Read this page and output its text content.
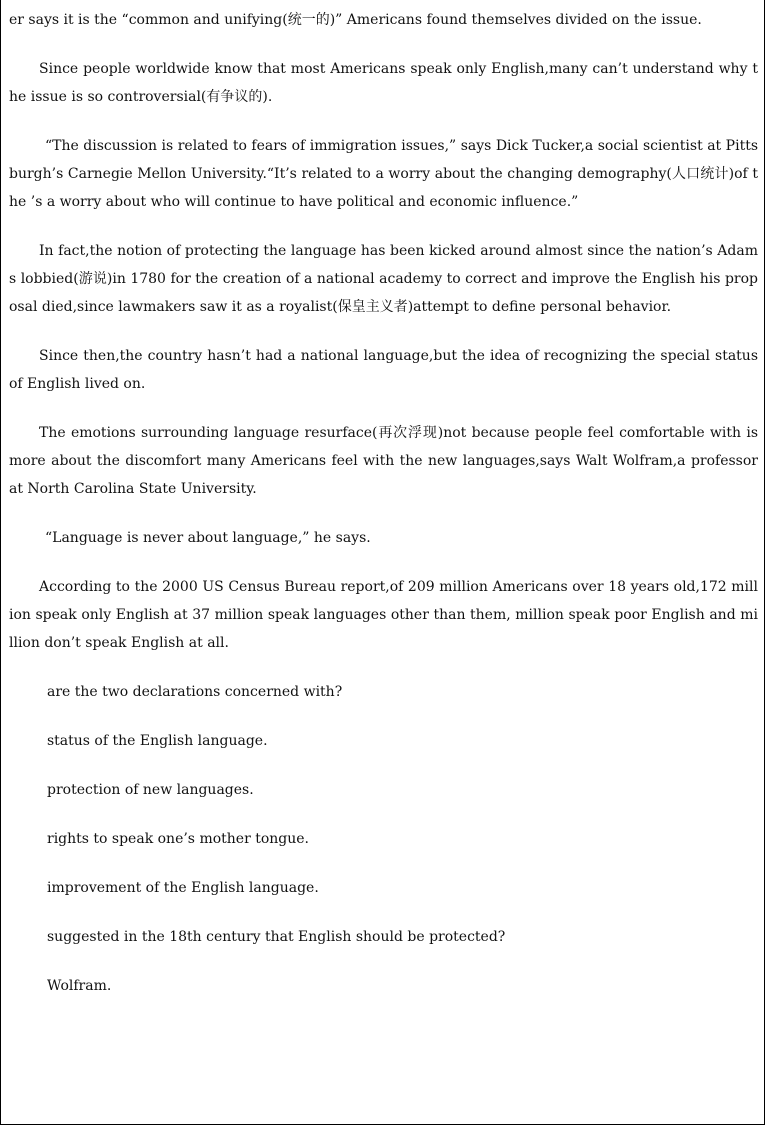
er says it is the “common and unifying(统一的)” Americans found themselves divided on the issue.

Since people worldwide know that most Americans speak only English,many can’t understand why the issue is so controversial(有争议的).

“The discussion is related to fears of immigration issues,” says Dick Tucker,a social scientist at Pittsburgh’s Carnegie Mellon University.“It’s related to a worry about the changing demography(人口统计)of the ’s a worry about who will continue to have political and economic influence.”

In fact,the notion of protecting the language has been kicked around almost since the nation’s Adams lobbied(游说)in 1780 for the creation of a national academy to correct and improve the English his proposal died,since lawmakers saw it as a royalist(保皇主义者)attempt to define personal behavior.

Since then,the country hasn’t had a national language,but the idea of recognizing the special status of English lived on.

The emotions surrounding language resurface(再次浮现)not because people feel comfortable with is more about the discomfort many Americans feel with the new languages,says Walt Wolfram,a professor at North Carolina State University.

“Language is never about language,” he says.

According to the 2000 US Census Bureau report,of 209 million Americans over 18 years old,172 million speak only English at 37 million speak languages other than them, million speak poor English and million don’t speak English at all.

are the two declarations concerned with?

status of the English language.

protection of new languages.

rights to speak one’s mother tongue.

improvement of the English language.

suggested in the 18th century that English should be protected?

Wolfram.
